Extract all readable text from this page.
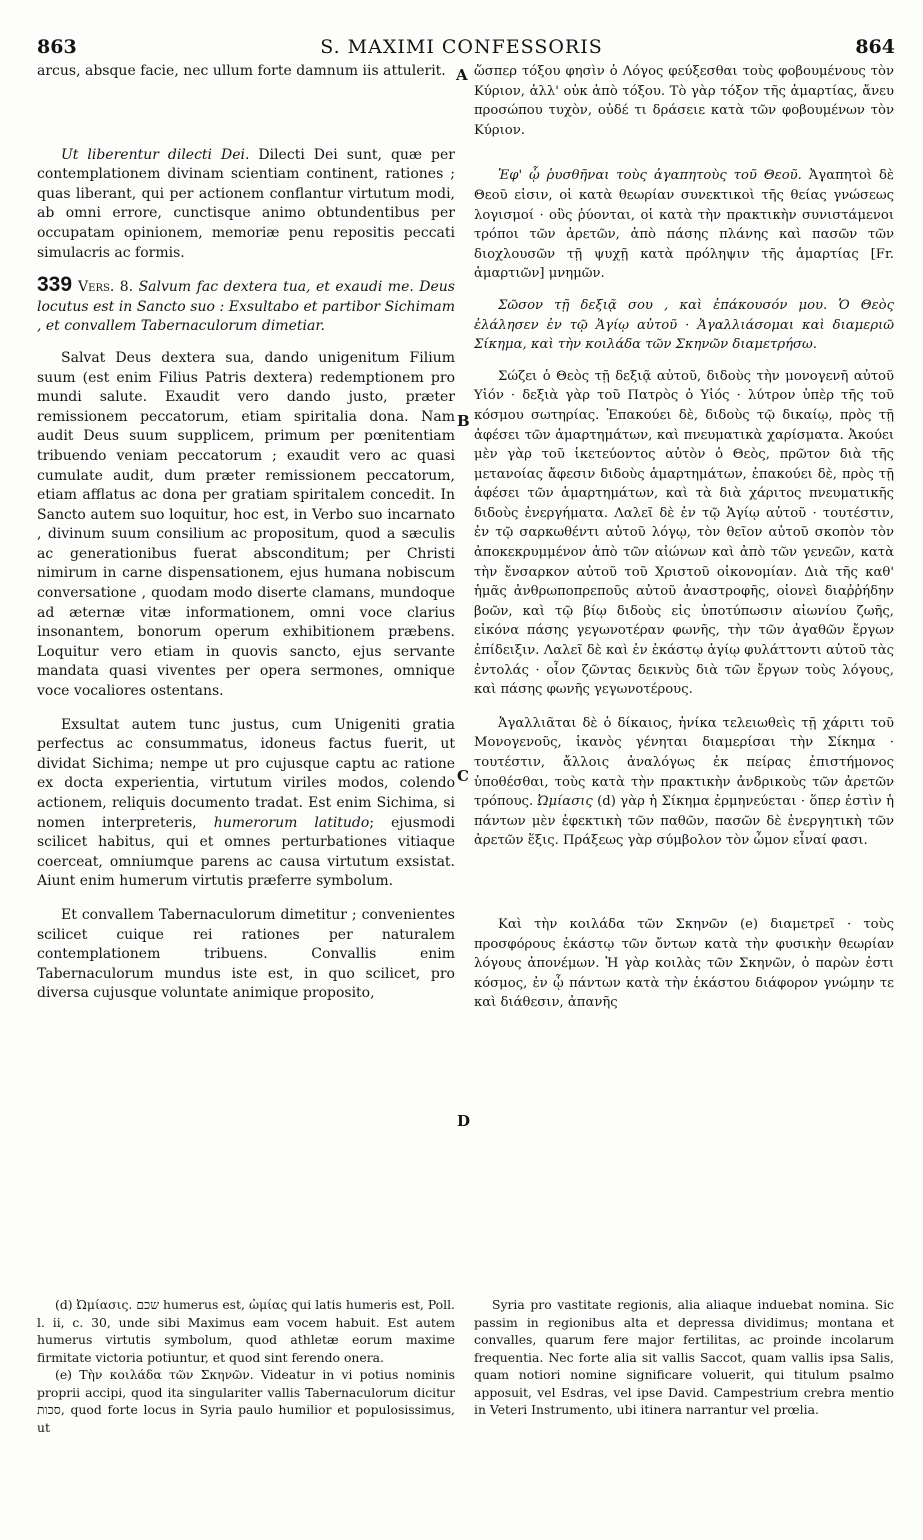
863	S. MAXIMI CONFESSORIS	864
A
B
C
D

arcus, absque facie, nec ullum forte damnum iis attulerit.

Ut liberentur dilecti Dei. Dilecti Dei sunt, quæ per contemplationem divinam scientiam continent, rationes ; quas liberant, qui per actionem conflantur virtutum modi, ab omni errore, cunctisque animo obtundentibus per occupatam opinionem, memoriæ penu repositis peccati simulacris ac formis.

339 Vers. 8. Salvum fac dextera tua, et exaudi me. Deus locutus est in Sancto suo : Exsultabo et partibor Sichimam , et convallem Tabernaculorum dimetiar.

Salvat Deus dextera sua, dando unigenitum Filium suum (est enim Filius Patris dextera) redemptionem pro mundi salute. Exaudit vero dando justo, præter remissionem peccatorum, etiam spiritalia dona. Nam audit Deus suum supplicem, primum per pœnitentiam tribuendo veniam peccatorum ; exaudit vero ac quasi cumulate audit, dum præter remissionem peccatorum, etiam afflatus ac dona per gratiam spiritalem concedit. In Sancto autem suo loquitur, hoc est, in Verbo suo incarnato , divinum suum consilium ac propositum, quod a sæculis ac generationibus fuerat absconditum; per Christi nimirum in carne dispensationem, ejus humana nobiscum conversatione , quodam modo diserte clamans, mundoque ad æternæ vitæ informationem, omni voce clarius insonantem, bonorum operum exhibitionem præbens. Loquitur vero etiam in quovis sancto, ejus servante mandata quasi viventes per opera sermones, omnique voce vocaliores ostentans.

Exsultat autem tunc justus, cum Unigeniti gratia perfectus ac consummatus, idoneus factus fuerit, ut dividat Sichima; nempe ut pro cujusque captu ac ratione ex docta experientia, virtutum viriles modos, colendo actionem, reliquis documento tradat. Est enim Sichima, si nomen interpreteris, humerorum latitudo; ejusmodi scilicet habitus, qui et omnes perturbationes vitiaque coerceat, omniumque parens ac causa virtutum exsistat. Aiunt enim humerum virtutis præferre symbolum.

Et convallem Tabernaculorum dimetitur ; convenientes scilicet cuique rei rationes per naturalem contemplationem tribuens. Convallis enim Tabernaculorum mundus iste est, in quo scilicet, pro diversa cujusque voluntate animique proposito,

ὥσπερ τόξου φησὶν ὁ Λόγος φεύξεσθαι τοὺς φοβουμένους τὸν Κύριον, ἀλλ' οὐκ ἀπὸ τόξου. Τὸ γὰρ τόξον τῆς ἁμαρτίας, ἄνευ προσώπου τυχὸν, οὐδέ τι δράσειε κατὰ τῶν φοβουμένων τὸν Κύριον.

Ἐφ' ᾧ ῥυσθῆναι τοὺς ἀγαπητοὺς τοῦ Θεοῦ. Ἀγαπητοὶ δὲ Θεοῦ εἰσιν, οἱ κατὰ θεωρίαν συνεκτικοὶ τῆς θείας γνώσεως λογισμοί · οὓς ῥύονται, οἱ κατὰ τὴν πρακτικὴν συνιστάμενοι τρόποι τῶν ἀρετῶν, ἀπὸ πάσης πλάνης καὶ πασῶν τῶν διοχλουσῶν τῇ ψυχῇ κατὰ πρόληψιν τῆς ἁμαρτίας [Fr. ἁμαρτιῶν] μνημῶν.

Σῶσον τῇ δεξιᾷ σου , καὶ ἐπάκουσόν μου. Ὁ Θεὸς ἐλάλησεν ἐν τῷ Ἁγίῳ αὐτοῦ · Ἀγαλλιάσομαι καὶ διαμεριῶ Σίκημα, καὶ τὴν κοιλάδα τῶν Σκηνῶν διαμετρήσω.

Σώζει ὁ Θεὸς τῇ δεξιᾷ αὐτοῦ, διδοὺς τὴν μονογενῆ αὐτοῦ Υἱόν · δεξιὰ γὰρ τοῦ Πατρὸς ὁ Υἱός · λύτρον ὑπὲρ τῆς τοῦ κόσμου σωτηρίας. Ἐπακούει δὲ, διδοὺς τῷ δικαίῳ, πρὸς τῇ ἀφέσει τῶν ἁμαρτημάτων, καὶ πνευματικὰ χαρίσματα. Ἀκούει μὲν γὰρ τοῦ ἱκετεύοντος αὐτὸν ὁ Θεὸς, πρῶτον διὰ τῆς μετανοίας ἄφεσιν διδοὺς ἁμαρτημάτων, ἐπακούει δὲ, πρὸς τῇ ἀφέσει τῶν ἁμαρτημάτων, καὶ τὰ διὰ χάριτος πνευματικῆς διδοὺς ἐνεργήματα. Λαλεῖ δὲ ἐν τῷ Ἁγίῳ αὐτοῦ · τουτέστιν, ἐν τῷ σαρκωθέντι αὐτοῦ λόγῳ, τὸν θεῖον αὐτοῦ σκοπὸν τὸν ἀποκεκρυμμένον ἀπὸ τῶν αἰώνων καὶ ἀπὸ τῶν γενεῶν, κατὰ τὴν ἔνσαρκον αὐτοῦ τοῦ Χριστοῦ οἰκονομίαν. Διὰ τῆς καθ' ἡμᾶς ἀνθρωποπρεποῦς αὐτοῦ ἀναστροφῆς, οἱονεὶ διαῤῥήδην βοῶν, καὶ τῷ βίῳ διδοὺς εἰς ὑποτύπωσιν αἰωνίου ζωῆς, εἰκόνα πάσης γεγωνοτέραν φωνῆς, τὴν τῶν ἀγαθῶν ἔργων ἐπίδειξιν. Λαλεῖ δὲ καὶ ἐν ἑκάστῳ ἁγίῳ φυλάττοντι αὐτοῦ τὰς ἐντολάς · οἷον ζῶντας δεικνὺς διὰ τῶν ἔργων τοὺς λόγους, καὶ πάσης φωνῆς γεγωνοτέρους.

Ἀγαλλιᾶται δὲ ὁ δίκαιος, ἡνίκα τελειωθεὶς τῇ χάριτι τοῦ Μονογενοῦς, ἱκανὸς γένηται διαμερίσαι τὴν Σίκημα · τουτέστιν, ἄλλοις ἀναλόγως ἐκ πείρας ἐπιστήμονος ὑποθέσθαι, τοὺς κατὰ τὴν πρακτικὴν ἀνδρικοὺς τῶν ἀρετῶν τρόπους. Ὠμίασις (d) γὰρ ἡ Σίκημα ἑρμηνεύεται · ὅπερ ἐστὶν ἡ πάντων μὲν ἐφεκτικὴ τῶν παθῶν, πασῶν δὲ ἐνεργητικὴ τῶν ἀρετῶν ἕξις. Πράξεως γὰρ σύμβολον τὸν ὦμον εἶναί φασι.

Καὶ τὴν κοιλάδα τῶν Σκηνῶν (e) διαμετρεῖ · τοὺς προσφόρους ἑκάστῳ τῶν ὄντων κατὰ τὴν φυσικὴν θεωρίαν λόγους ἀπονέμων. Ἡ γὰρ κοιλὰς τῶν Σκηνῶν, ὁ παρὼν ἐστι κόσμος, ἐν ᾧ πάντων κατὰ τὴν ἑκάστου διάφορον γνώμην τε καὶ διάθεσιν, ἀπανῆς

(d) Ὠμίασις. שכם humerus est, ὠμίας qui latis humeris est, Poll. l. ii, c. 30, unde sibi Maximus eam vocem habuit. Est autem humerus virtutis symbolum, quod athletæ eorum maxime firmitate victoria potiuntur, et quod sint ferendo onera.

(e) Τὴν κοιλάδα τῶν Σκηνῶν. Videatur in vi potius nominis proprii accipi, quod ita singulariter vallis Tabernaculorum dicitur סכות, quod forte locus in Syria paulo humilior et populosissimus, ut

Syria pro vastitate regionis, alia aliaque induebat nomina. Sic passim in regionibus alta et depressa dividimus; montana et convalles, quarum fere major fertilitas, ac proinde incolarum frequentia. Nec forte alia sit vallis Saccot, quam vallis ipsa Salis, quam notiori nomine significare voluerit, qui titulum psalmo apposuit, vel Esdras, vel ipse David. Campestrium crebra mentio in Veteri Instrumento, ubi itinera narrantur vel prœlia.
